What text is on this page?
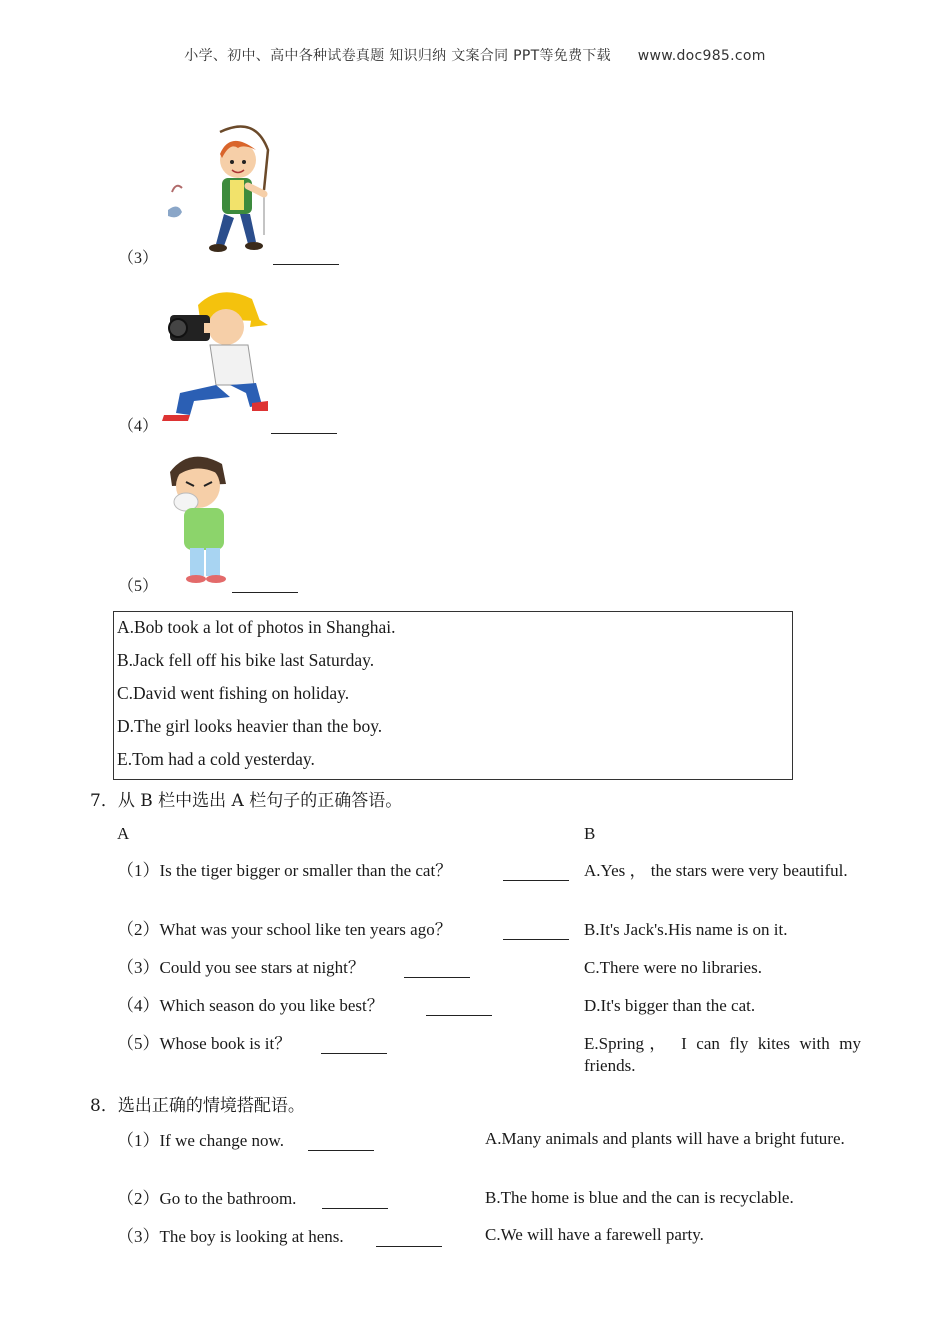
小学、初中、高中各种试卷真题 知识归纳 文案合同 PPT等免费下载 www.doc985.com
（3）
（4）
（5）
A.Bob took a lot of photos in Shanghai.
B.Jack fell off his bike last Saturday.
C.David went fishing on holiday.
D.The girl looks heavier than the boy.
E.Tom had a cold yesterday.
7．从 B 栏中选出 A 栏句子的正确答语。
A	B
（1）Is the tiger bigger or smaller than the cat？	A.Yes ， the stars were very beautiful.
（2）What was your school like ten years ago？	B.It's Jack's.His name is on it.
（3）Could you see stars at night？	C.There were no libraries.
（4）Which season do you like best？	D.It's bigger than the cat.
（5）Whose book is it？	E.Spring， I can fly kites with my friends.
8．选出正确的情境搭配语。
（1）If we change now.	A.Many animals and plants will have a bright future.
（2）Go to the bathroom.	B.The home is blue and the can is recyclable.
（3）The boy is looking at hens.	C.We will have a farewell party.
